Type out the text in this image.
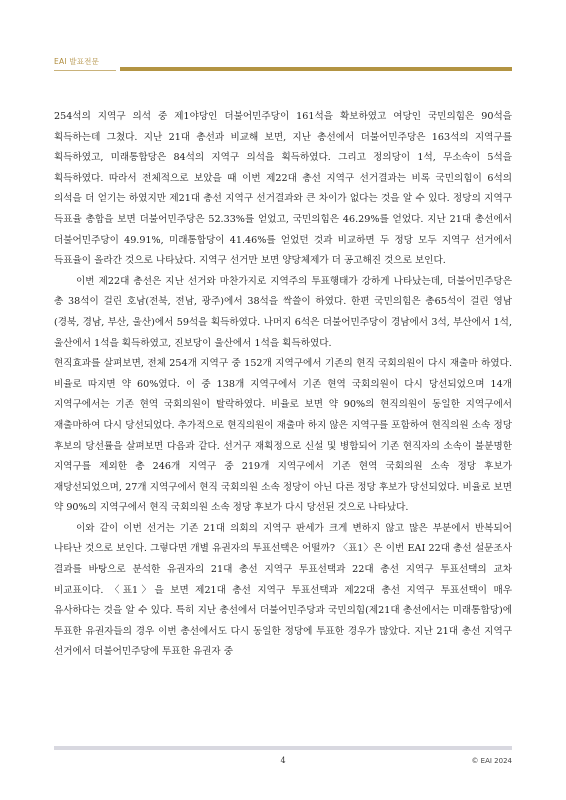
EAI 발표전문

254석의 지역구 의석 중 제1야당인 더불어민주당이 161석을 확보하였고 여당인 국민의힘은 90석을 획득하는데 그쳤다. 지난 21대 총선과 비교해 보면, 지난 총선에서 더불어민주당은 163석의 지역구를 획득하였고, 미래통합당은 84석의 지역구 의석을 획득하였다. 그리고 정의당이 1석, 무소속이 5석을 획득하였다. 따라서 전체적으로 보았을 때 이번 제22대 총선 지역구 선거결과는 비록 국민의힘이 6석의 의석을 더 얻기는 하였지만 제21대 총선 지역구 선거결과와 큰 차이가 없다는 것을 알 수 있다. 정당의 지역구 득표율 총합을 보면 더불어민주당은 52.33%를 얻었고, 국민의힘은 46.29%를 얻었다. 지난 21대 총선에서 더불어민주당이 49.91%, 미래통합당이 41.46%를 얻었던 것과 비교하면 두 정당 모두 지역구 선거에서 득표율이 올라간 것으로 나타났다. 지역구 선거만 보면 양당체제가 더 공고해진 것으로 보인다.

이번 제22대 총선은 지난 선거와 마찬가지로 지역주의 투표행태가 강하게 나타났는데, 더불어민주당은 총 38석이 걸린 호남(전북, 전남, 광주)에서 38석을 싹쓸이 하였다. 한편 국민의힘은 총65석이 걸린 영남(경북, 경남, 부산, 울산)에서 59석을 획득하였다. 나머지 6석은 더불어민주당이 경남에서 3석, 부산에서 1석, 울산에서 1석을 획득하였고, 진보당이 울산에서 1석을 획득하였다.

현직효과를 살펴보면, 전체 254개 지역구 중 152개 지역구에서 기존의 현직 국회의원이 다시 재출마 하였다. 비율로 따지면 약 60%였다. 이 중 138개 지역구에서 기존 현역 국회의원이 다시 당선되었으며 14개 지역구에서는 기존 현역 국회의원이 탈락하였다. 비율로 보면 약 90%의 현직의원이 동일한 지역구에서 재출마하여 다시 당선되었다. 추가적으로 현직의원이 재출마 하지 않은 지역구를 포함하여 현직의원 소속 정당 후보의 당선률을 살펴보면 다음과 같다. 선거구 재획정으로 신설 및 병합되어 기존 현직자의 소속이 불분명한 지역구를 제외한 총 246개 지역구 중 219개 지역구에서 기존 현역 국회의원 소속 정당 후보가 재당선되었으며, 27개 지역구에서 현직 국회의원 소속 정당이 아닌 다른 정당 후보가 당선되었다. 비율로 보면 약 90%의 지역구에서 현직 국회의원 소속 정당 후보가 다시 당선된 것으로 나타났다.

이와 같이 이번 선거는 기존 21대 의회의 지역구 판세가 크게 변하지 않고 많은 부분에서 반복되어 나타난 것으로 보인다. 그렇다면 개별 유권자의 투표선택은 어떨까? 〈표1〉은 이번 EAI 22대 총선 설문조사 결과를 바탕으로 분석한 유권자의 21대 총선 지역구 투표선택과 22대 총선 지역구 투표선택의 교차 비교표이다. 〈표1〉을 보면 제21대 총선 지역구 투표선택과 제22대 총선 지역구 투표선택이 매우 유사하다는 것을 알 수 있다. 특히 지난 총선에서 더불어민주당과 국민의힘(제21대 총선에서는 미래통합당)에 투표한 유권자들의 경우 이번 총선에서도 다시 동일한 정당에 투표한 경우가 많았다. 지난 21대 총선 지역구 선거에서 더불어민주당에 투표한 유권자 중

4	© EAI 2024
